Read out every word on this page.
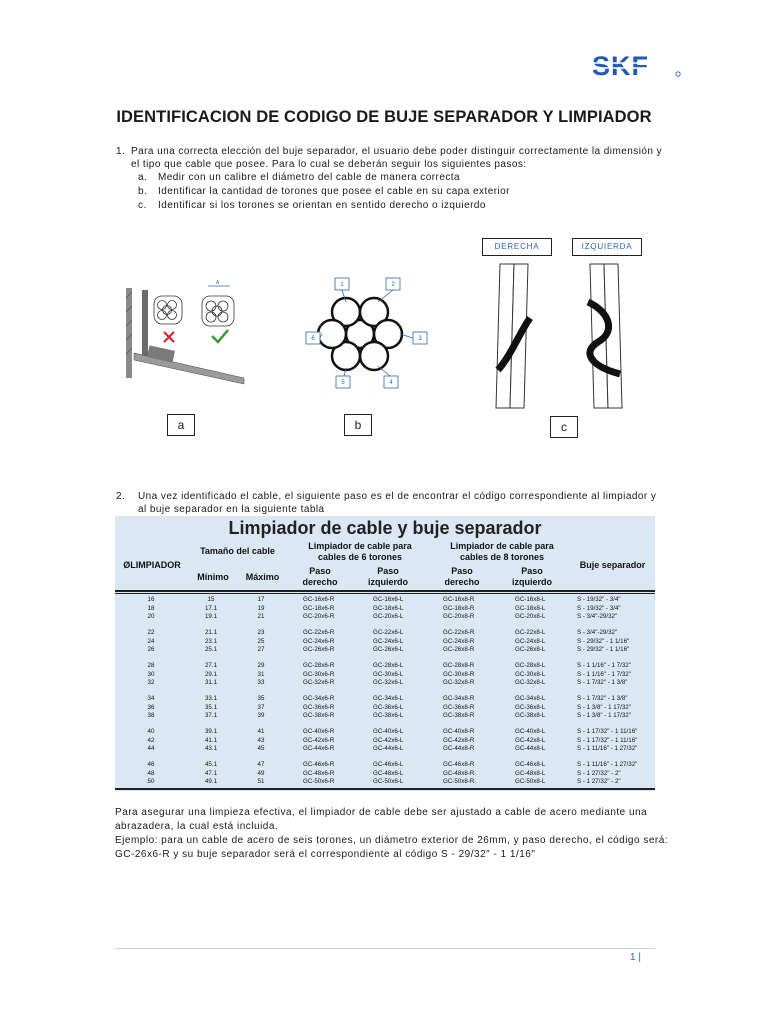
SKF
IDENTIFICACION DE CODIGO DE BUJE SEPARADOR Y LIMPIADOR
1. Para una correcta elección del buje separador, el usuario debe poder distinguir correctamente la dimensión y
el tipo que cable que posee. Para lo cual se deberán seguir los siguientes pasos:
a. Medir con un calibre el diámetro del cable de manera correcta
b. Identificar la cantidad de torones que posee el cable en su capa exterior
c. Identificar si los torones se orientan en sentido derecho o izquierdo
A	1	2
3
4
5
6
DERECHA	IZQUIERDA
a	b	c
2. Una vez identificado el cable, el siguiente paso es el de encontrar el código correspondiente al limpiador y
al buje separador en la siguiente tabla
Limpiador de cable y buje separador
ØLIMPIADOR
Tamaño del cable
Mínimo	Máximo
Limpiador de cable para cables de 6 torones
Limpiador de cable para cables de 8 torones
Paso derecho
Paso izquierdo
Paso derecho
Paso izquierdo
Buje separador
16	15	17	GC-16x6-R	GC-16x6-L	GC-16x8-R	GC-16x8-L	S - 19/32" - 3/4"
18	17.1	19	GC-18x6-R	GC-18x6-L	GC-18x8-R	GC-18x8-L	S - 19/32" - 3/4"
20	19.1	21	GC-20x6-R	GC-20x6-L	GC-20x8-R	GC-20x8-L	S - 3/4"-29/32"
22	21.1	23	GC-22x6-R	GC-22x6-L	GC-22x8-R	GC-22x8-L	S - 3/4"-29/32"
24	23.1	25	GC-24x6-R	GC-24x6-L	GC-24x8-R	GC-24x8-L	S - 29/32" - 1 1/16"
26	25.1	27	GC-26x6-R	GC-26x6-L	GC-26x8-R	GC-26x8-L	S - 29/32" - 1 1/16"
28	27.1	29	GC-28x6-R	GC-28x6-L	GC-28x8-R	GC-28x8-L	S - 1 1/16" - 1 7/32"
30	29.1	31	GC-30x6-R	GC-30x6-L	GC-30x8-R	GC-30x8-L	S - 1 1/16" - 1 7/32"
32	31.1	33	GC-32x6-R	GC-32x6-L	GC-32x8-R	GC-32x8-L	S - 1 7/32" - 1 3/8"
34	33.1	35	GC-34x6-R	GC-34x6-L	GC-34x8-R	GC-34x8-L	S - 1 7/32" - 1 3/8"
36	35.1	37	GC-36x6-R	GC-36x6-L	GC-36x8-R	GC-36x8-L	S - 1 3/8" - 1 17/32"
38	37.1	39	GC-38x6-R	GC-38x6-L	GC-38x8-R	GC-38x8-L	S - 1 3/8" - 1 17/32"
40	39.1	41	GC-40x6-R	GC-40x6-L	GC-40x8-R	GC-40x8-L	S - 1 17/32" - 1 11/16"
42	41.1	43	GC-42x6-R	GC-42x6-L	GC-42x8-R	GC-42x8-L	S - 1 17/32" - 1 11/16"
44	43.1	45	GC-44x6-R	GC-44x6-L	GC-44x8-R	GC-44x8-L	S - 1 11/16" - 1 27/32"
46	45.1	47	GC-46x6-R	GC-46x6-L	GC-46x8-R	GC-46x8-L	S - 1 11/16" - 1 27/32"
48	47.1	49	GC-48x6-R	GC-48x6-L	GC-48x8-R	GC-48x8-L	S - 1 27/32" - 2"
50	49.1	51	GC-50x6-R	GC-50x6-L	GC-50x8-R	GC-50x8-L	S - 1 27/32" - 2"
Para asegurar una limpieza efectiva, el limpiador de cable debe ser ajustado a cable de acero mediante una
abrazadera, la cual está incluida.
Ejemplo: para un cable de acero de seis torones, un diámetro exterior de 26mm, y paso derecho, el código será:
GC-26x6-R y su buje separador será el correspondiente al código S - 29/32" - 1 1/16"
1 |
